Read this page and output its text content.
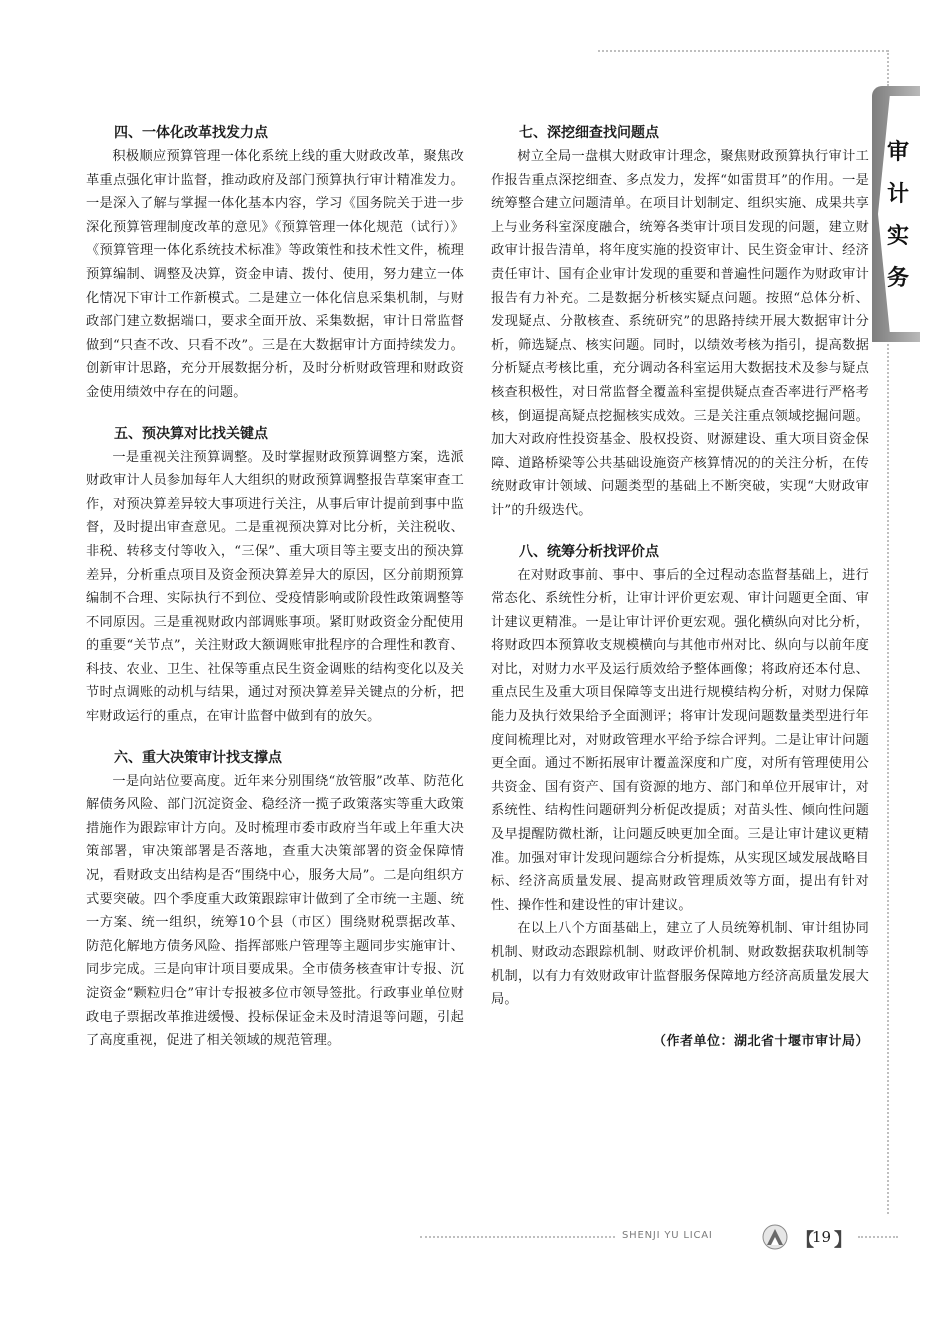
审
计
实
务

四、一体化改革找发力点

积极顺应预算管理一体化系统上线的重大财政改革，聚焦改革重点强化审计监督，推动政府及部门预算执行审计精准发力。一是深入了解与掌握一体化基本内容，学习《国务院关于进一步深化预算管理制度改革的意见》《预算管理一体化规范（试行）》《预算管理一体化系统技术标准》等政策性和技术性文件，梳理预算编制、调整及决算，资金申请、拨付、使用，努力建立一体化情况下审计工作新模式。二是建立一体化信息采集机制，与财政部门建立数据端口，要求全面开放、采集数据，审计日常监督做到“只查不改、只看不改”。三是在大数据审计方面持续发力。创新审计思路，充分开展数据分析，及时分析财政管理和财政资金使用绩效中存在的问题。

五、预决算对比找关键点

一是重视关注预算调整。及时掌握财政预算调整方案，选派财政审计人员参加每年人大组织的财政预算调整报告草案审查工作，对预决算差异较大事项进行关注，从事后审计提前到事中监督，及时提出审查意见。二是重视预决算对比分析，关注税收、非税、转移支付等收入，“三保”、重大项目等主要支出的预决算差异，分析重点项目及资金预决算差异大的原因，区分前期预算编制不合理、实际执行不到位、受疫情影响或阶段性政策调整等不同原因。三是重视财政内部调账事项。紧盯财政资金分配使用的重要“关节点”，关注财政大额调账审批程序的合理性和教育、科技、农业、卫生、社保等重点民生资金调账的结构变化以及关节时点调账的动机与结果，通过对预决算差异关键点的分析，把牢财政运行的重点，在审计监督中做到有的放矢。

六、重大决策审计找支撑点

一是向站位要高度。近年来分别围绕“放管服”改革、防范化解债务风险、部门沉淀资金、稳经济一揽子政策落实等重大政策措施作为跟踪审计方向。及时梳理市委市政府当年或上年重大决策部署，审决策部署是否落地，查重大决策部署的资金保障情况，看财政支出结构是否“围绕中心，服务大局”。二是向组织方式要突破。四个季度重大政策跟踪审计做到了全市统一主题、统一方案、统一组织，统筹10个县（市区）围绕财税票据改革、防范化解地方债务风险、指挥部账户管理等主题同步实施审计、同步完成。三是向审计项目要成果。全市债务核查审计专报、沉淀资金“颗粒归仓”审计专报被多位市领导签批。行政事业单位财政电子票据改革推进缓慢、投标保证金未及时清退等问题，引起了高度重视，促进了相关领域的规范管理。

七、深挖细查找问题点

树立全局一盘棋大财政审计理念，聚焦财政预算执行审计工作报告重点深挖细查、多点发力，发挥“如雷贯耳”的作用。一是统筹整合建立问题清单。在项目计划制定、组织实施、成果共享上与业务科室深度融合，统筹各类审计项目发现的问题，建立财政审计报告清单，将年度实施的投资审计、民生资金审计、经济责任审计、国有企业审计发现的重要和普遍性问题作为财政审计报告有力补充。二是数据分析核实疑点问题。按照“总体分析、发现疑点、分散核查、系统研究”的思路持续开展大数据审计分析，筛选疑点、核实问题。同时，以绩效考核为指引，提高数据分析疑点考核比重，充分调动各科室运用大数据技术及参与疑点核查积极性，对日常监督全覆盖科室提供疑点查否率进行严格考核，倒逼提高疑点挖掘核实成效。三是关注重点领域挖掘问题。加大对政府性投资基金、股权投资、财源建设、重大项目资金保障、道路桥梁等公共基础设施资产核算情况的的关注分析，在传统财政审计领域、问题类型的基础上不断突破，实现“大财政审计”的升级迭代。

八、统筹分析找评价点

在对财政事前、事中、事后的全过程动态监督基础上，进行常态化、系统性分析，让审计评价更宏观、审计问题更全面、审计建议更精准。一是让审计评价更宏观。强化横纵向对比分析，将财政四本预算收支规模横向与其他市州对比、纵向与以前年度对比，对财力水平及运行质效给予整体画像；将政府还本付息、重点民生及重大项目保障等支出进行规模结构分析，对财力保障能力及执行效果给予全面测评；将审计发现问题数量类型进行年度间梳理比对，对财政管理水平给予综合评判。二是让审计问题更全面。通过不断拓展审计覆盖深度和广度，对所有管理使用公共资金、国有资产、国有资源的地方、部门和单位开展审计，对系统性、结构性问题研判分析促改提质；对苗头性、倾向性问题及早提醒防微杜渐，让问题反映更加全面。三是让审计建议更精准。加强对审计发现问题综合分析提炼，从实现区域发展战略目标、经济高质量发展、提高财政管理质效等方面，提出有针对性、操作性和建设性的审计建议。

在以上八个方面基础上，建立了人员统筹机制、审计组协同机制、财政动态跟踪机制、财政评价机制、财政数据获取机制等机制，以有力有效财政审计监督服务保障地方经济高质量发展大局。

（作者单位：湖北省十堰市审计局）
SHENJI YU LICAI	【
19 】
